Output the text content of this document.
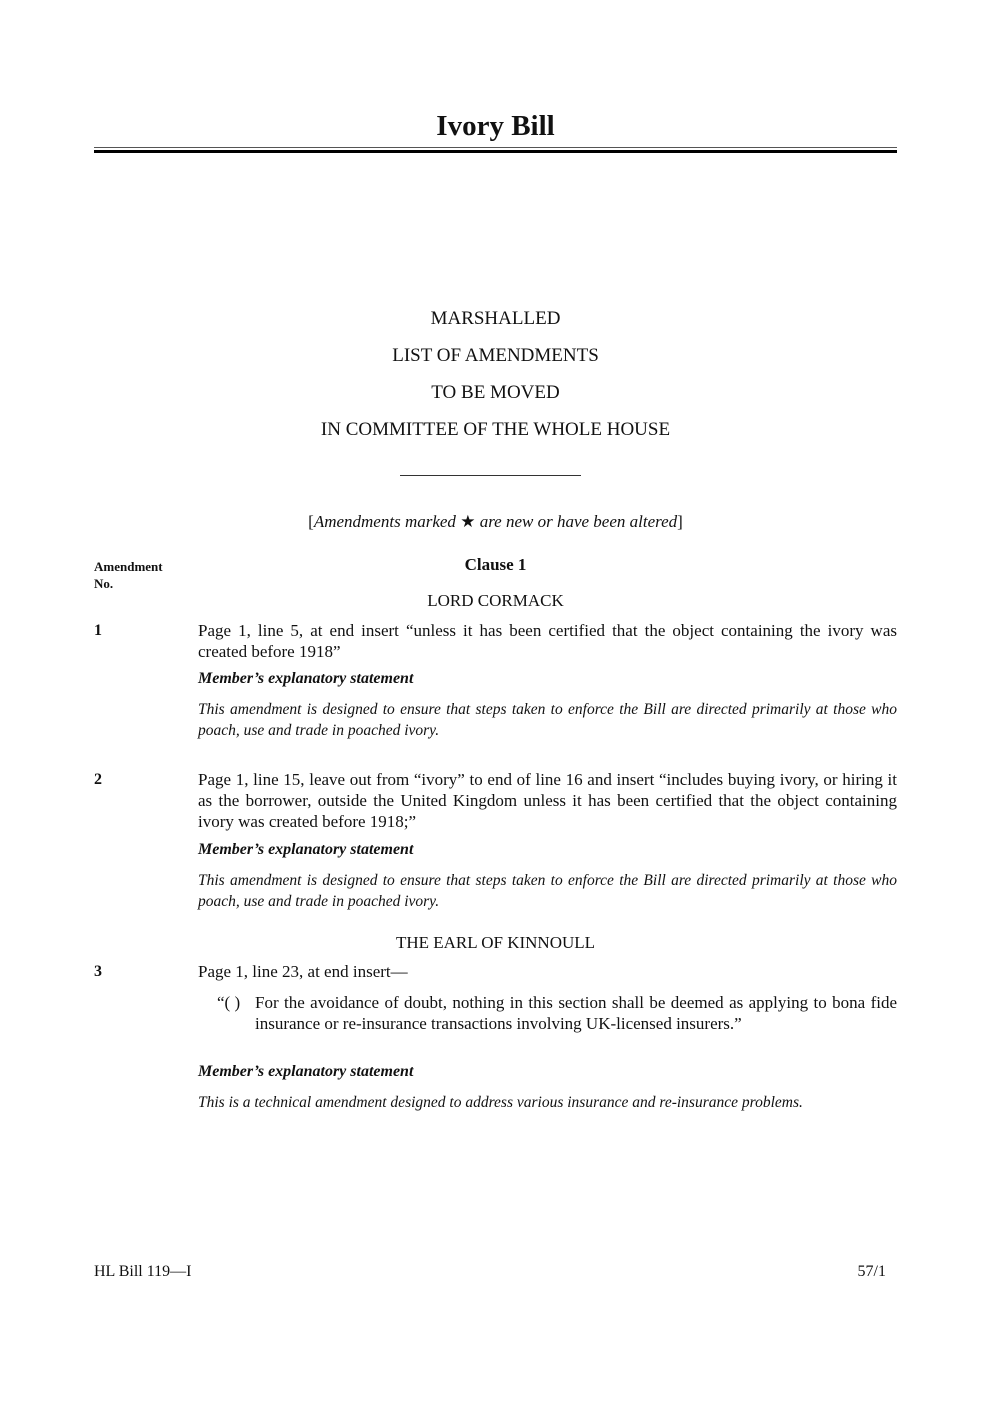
Ivory Bill
MARSHALLED
LIST OF AMENDMENTS
TO BE MOVED
IN COMMITTEE OF THE WHOLE HOUSE
[Amendments marked ★ are new or have been altered]
Amendment
No.
Clause 1
LORD CORMACK
1	Page 1, line 5, at end insert “unless it has been certified that the object containing the ivory was created before 1918”
Member’s explanatory statement
This amendment is designed to ensure that steps taken to enforce the Bill are directed primarily at those who poach, use and trade in poached ivory.
2	Page 1, line 15, leave out from “ivory” to end of line 16 and insert “includes buying ivory, or hiring it as the borrower, outside the United Kingdom unless it has been certified that the object containing ivory was created before 1918;”
Member’s explanatory statement
This amendment is designed to ensure that steps taken to enforce the Bill are directed primarily at those who poach, use and trade in poached ivory.
THE EARL OF KINNOULL
3	Page 1, line 23, at end insert—
“( ) For the avoidance of doubt, nothing in this section shall be deemed as applying to bona fide insurance or re-insurance transactions involving UK-licensed insurers.”
Member’s explanatory statement
This is a technical amendment designed to address various insurance and re-insurance problems.
HL Bill 119—I	57/1
